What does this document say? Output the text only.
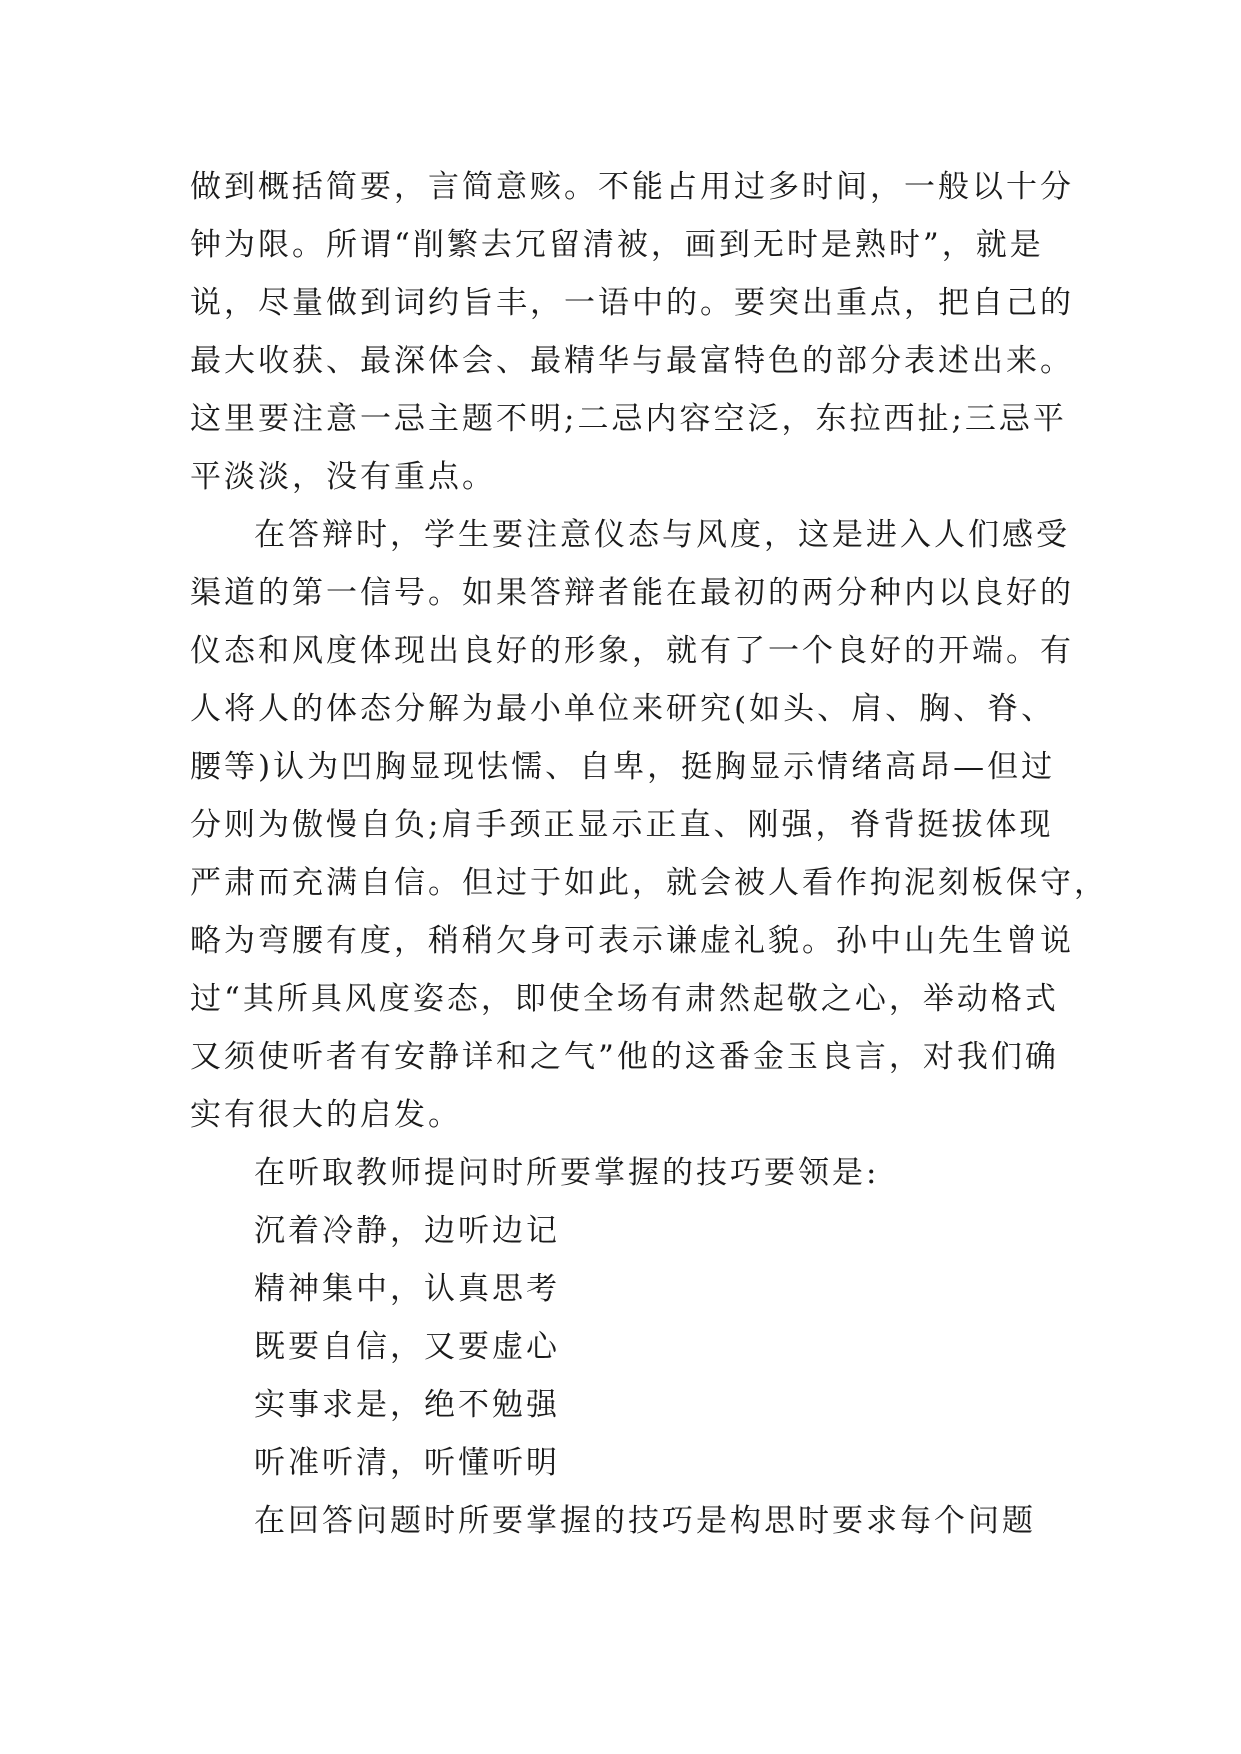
做到概括简要，言简意赅。不能占用过多时间，一般以十分
钟为限。所谓“削繁去冗留清被，画到无时是熟时”，就是
说，尽量做到词约旨丰，一语中的。要突出重点，把自己的
最大收获、最深体会、最精华与最富特色的部分表述出来。
这里要注意一忌主题不明;二忌内容空泛，东拉西扯;三忌平
平淡淡，没有重点。
在答辩时，学生要注意仪态与风度，这是进入人们感受
渠道的第一信号。如果答辩者能在最初的两分种内以良好的
仪态和风度体现出良好的形象，就有了一个良好的开端。有
人将人的体态分解为最小单位来研究(如头、肩、胸、脊、
腰等)认为凹胸显现怯懦、自卑，挺胸显示情绪高昂—但过
分则为傲慢自负;肩手颈正显示正直、刚强，脊背挺拔体现
严肃而充满自信。但过于如此，就会被人看作拘泥刻板保守，
略为弯腰有度，稍稍欠身可表示谦虚礼貌。孙中山先生曾说
过“其所具风度姿态，即使全场有肃然起敬之心，举动格式
又须使听者有安静详和之气”他的这番金玉良言，对我们确
实有很大的启发。
在听取教师提问时所要掌握的技巧要领是:
沉着冷静，边听边记
精神集中，认真思考
既要自信，又要虚心
实事求是，绝不勉强
听准听清，听懂听明
在回答问题时所要掌握的技巧是构思时要求每个问题
